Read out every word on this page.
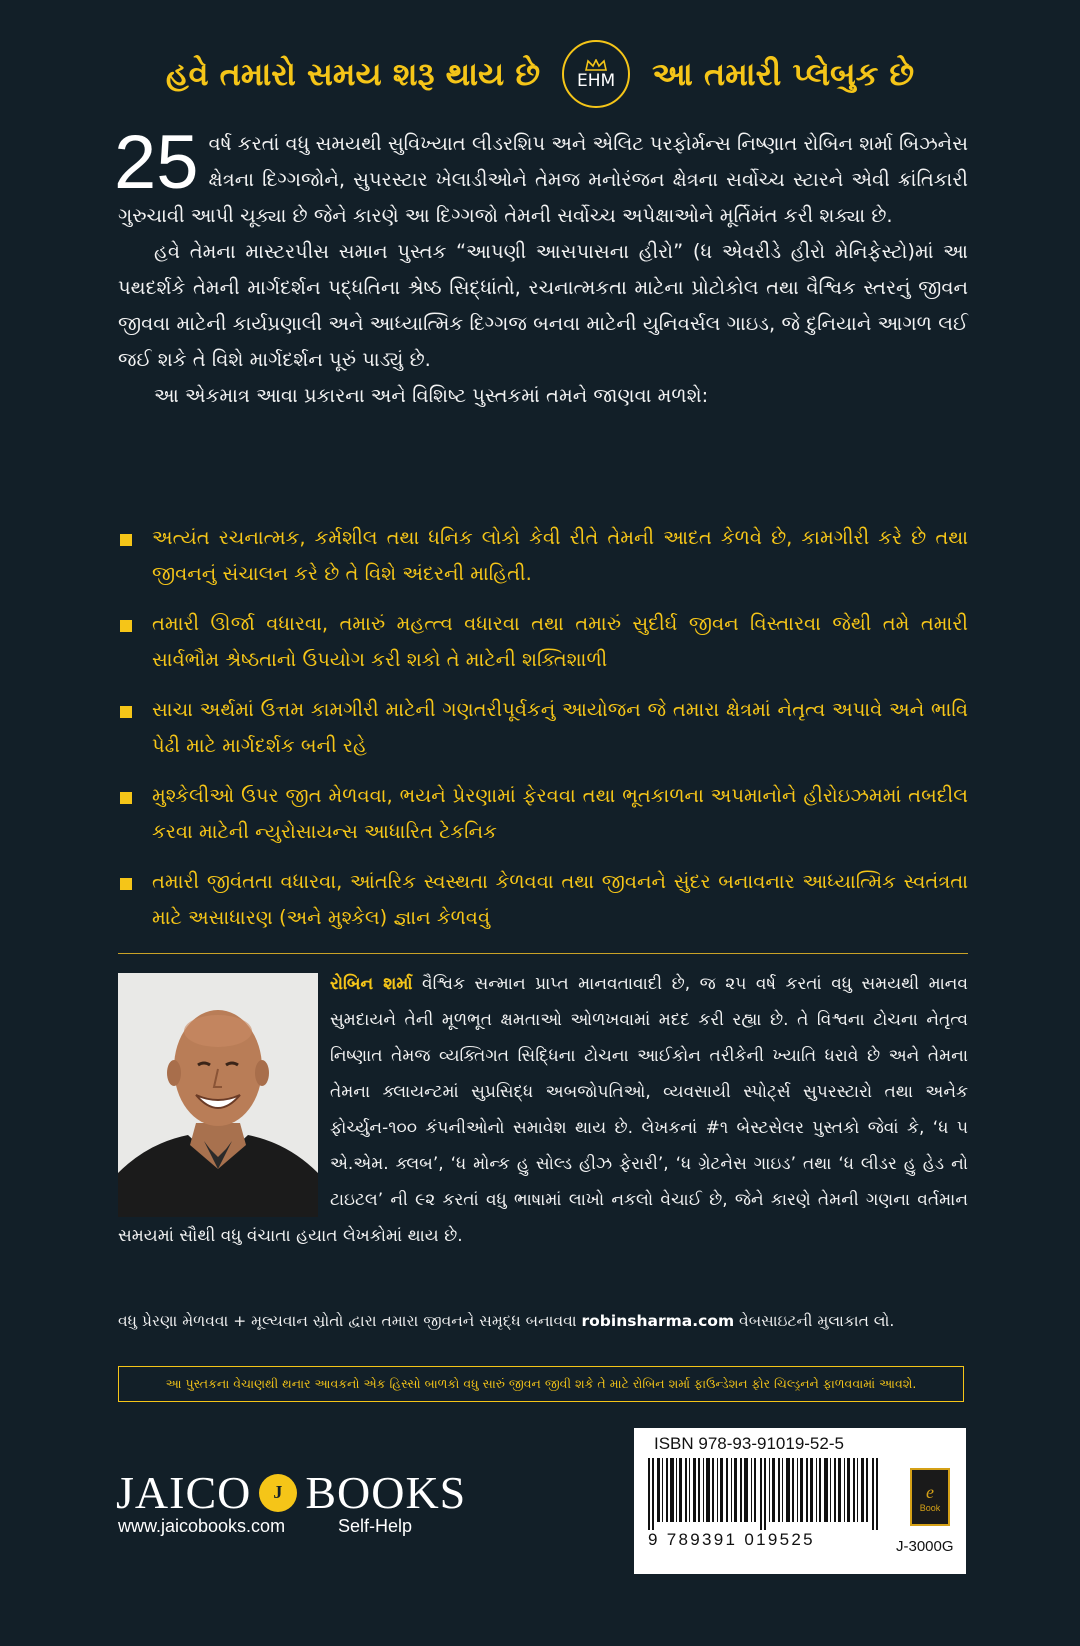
હવે તમારો સમય શરૂ થાય છે EHM આ તમારી પ્લેબુક છે

25 વર્ષ કરતાં વધુ સમયથી સુવિખ્યાત લીડરશિપ અને એલિટ પરફોર્મન્સ નિષ્ણાત રોબિન શર્મા બિઝનેસ ક્ષેત્રના દિગ્ગજોને, સુપરસ્ટાર ખેલાડીઓને તેમજ મનોરંજન ક્ષેત્રના સર્વોચ્ચ સ્ટારને એવી ક્રાંતિકારી ગુરુચાવી આપી ચૂક્યા છે જેને કારણે આ દિગ્ગજો તેમની સર્વોચ્ચ અપેક્ષાઓને મૂર્તિમંત કરી શક્યા છે.

હવે તેમના માસ્ટરપીસ સમાન પુસ્તક “આપણી આસપાસના હીરો” (ધ એવરીડે હીરો મેનિફેસ્ટો)માં આ પથદર્શકે તેમની માર્ગદર્શન પદ્ધતિના શ્રેષ્ઠ સિદ્ધાંતો, રચનાત્મકતા માટેના પ્રોટોકોલ તથા વૈશ્વિક સ્તરનું જીવન જીવવા માટેની કાર્યપ્રણાલી અને આધ્યાત્મિક દિગ્ગજ બનવા માટેની યુનિવર્સલ ગાઇડ, જે દુનિયાને આગળ લઈ જઈ શકે તે વિશે માર્ગદર્શન પૂરું પાડ્યું છે.

આ એકમાત્ર આવા પ્રકારના અને વિશિષ્ટ પુસ્તકમાં તમને જાણવા મળશે:

અત્યંત રચનાત્મક, કર્મશીલ તથા ધનિક લોકો કેવી રીતે તેમની આદત કેળવે છે, કામગીરી કરે છે તથા જીવનનું સંચાલન કરે છે તે વિશે અંદરની માહિતી.
તમારી ઊર્જા વધારવા, તમારું મહત્ત્વ વધારવા તથા તમારું સુદીર્ઘ જીવન વિસ્તારવા જેથી તમે તમારી સાર્વભૌમ શ્રેષ્ઠતાનો ઉપયોગ કરી શકો તે માટેની શક્તિશાળી
સાચા અર્થમાં ઉત્તમ કામગીરી માટેની ગણતરીપૂર્વકનું આયોજન જે તમારા ક્ષેત્રમાં નેતૃત્વ અપાવે અને ભાવિ પેઢી માટે માર્ગદર્શક બની રહે
મુશ્કેલીઓ ઉપર જીત મેળવવા, ભયને પ્રેરણામાં ફેરવવા તથા ભૂતકાળના અપમાનોને હીરોઇઝમમાં તબદીલ કરવા માટેની ન્યુરોસાયન્સ આધારિત ટેકનિક
તમારી જીવંતતા વધારવા, આંતરિક સ્વસ્થતા કેળવવા તથા જીવનને સુંદર બનાવનાર આધ્યાત્મિક સ્વતંત્રતા માટે અસાધારણ (અને મુશ્કેલ) જ્ઞાન કેળવવું

રોબિન શર્મા વૈશ્વિક સન્માન પ્રાપ્ત માનવતાવાદી છે, જ ૨૫ વર્ષ કરતાં વધુ સમયથી માનવ સુમદાયને તેની મૂળભૂત ક્ષમતાઓ ઓળખવામાં મદદ કરી રહ્યા છે. તે વિશ્વના ટોચના નેતૃત્વ નિષ્ણાત તેમજ વ્યક્તિગત સિદ્ધિના ટોચના આઈકોન તરીકેની ખ્યાતિ ધરાવે છે અને તેમના તેમના ક્લાયન્ટમાં સુપ્રસિદ્ધ અબજોપતિઓ, વ્યવસાયી સ્પોર્ટ્સ સુપરસ્ટારો તથા અનેક ફોર્ચ્યુન-૧૦૦ કંપનીઓનો સમાવેશ થાય છે. લેખકનાં #૧ બેસ્ટસેલર પુસ્તકો જેવાં કે, ‘ધ ૫ એ.એમ. ક્લબ’, ‘ધ મોન્ક હુ સોલ્ડ હીઝ ફેરારી’, ‘ધ ગ્રેટનેસ ગાઇડ’ તથા ‘ધ લીડર હુ હેડ નો ટાઇટલ’ ની ૯૨ કરતાં વધુ ભાષામાં લાખો નકલો વેચાઈ છે, જેને કારણે તેમની ગણના વર્તમાન સમયમાં સૌથી વધુ વંચાતા હયાત લેખકોમાં થાય છે.

વધુ પ્રેરણા મેળવવા + મૂલ્યવાન સ્રોતો દ્વારા તમારા જીવનને સમૃદ્ધ બનાવવા robinsharma.com વેબસાઇટની મુલાકાત લો.
આ પુસ્તકના વેચાણથી થનાર આવકનો એક હિસ્સો બાળકો વધુ સારું જીવન જીવી શકે તે માટે રોબિન શર્મા ફાઉન્ડેશન ફોર ચિલ્ડ્રનને ફાળવવામાં આવશે.
JAICO J BOOKS
www.jaicobooks.com	Self-Help
ISBN 978-93-91019-52-5
9 789391 019525
e
Book
J-3000G
